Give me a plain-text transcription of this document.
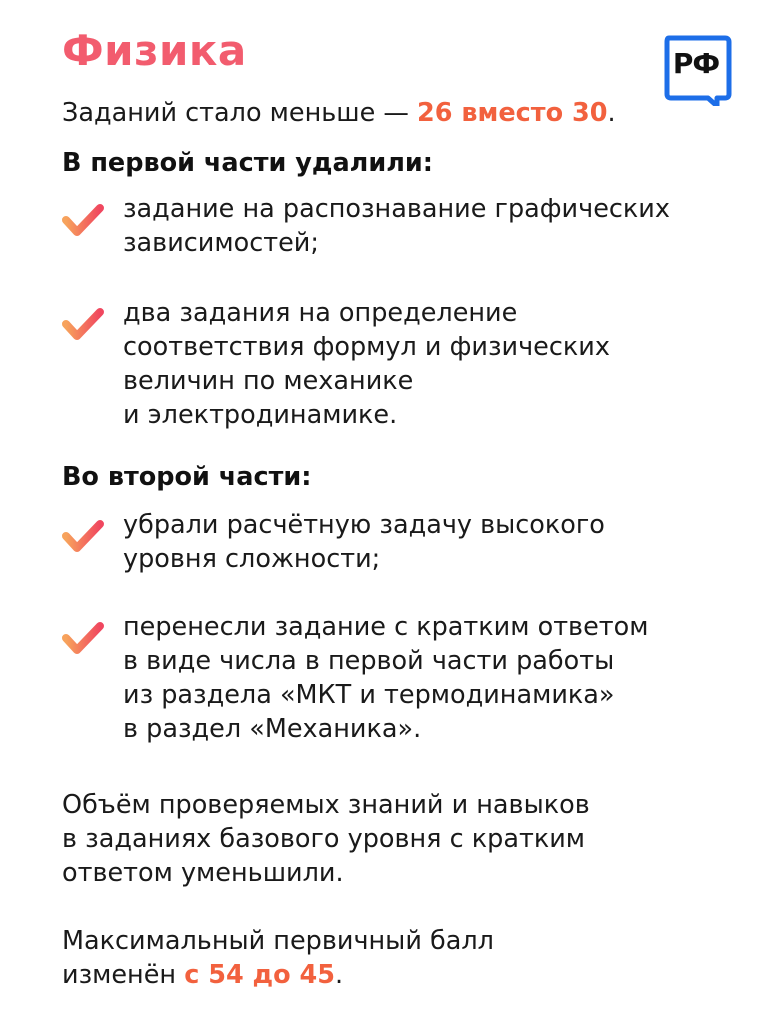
Физика	РФ
Заданий стало меньше — 26 вместо 30.
В первой части удалили:
задание на распознавание графических
зависимостей;
два задания на определение
соответствия формул и физических
величин по механике
и электродинамике.
Во второй части:
убрали расчётную задачу высокого
уровня сложности;
перенесли задание с кратким ответом
в виде числа в первой части работы
из раздела «МКТ и термодинамика»
в раздел «Механика».
Объём проверяемых знаний и навыков
в заданиях базового уровня с кратким
ответом уменьшили.
Максимальный первичный балл
изменён с 54 до 45.
